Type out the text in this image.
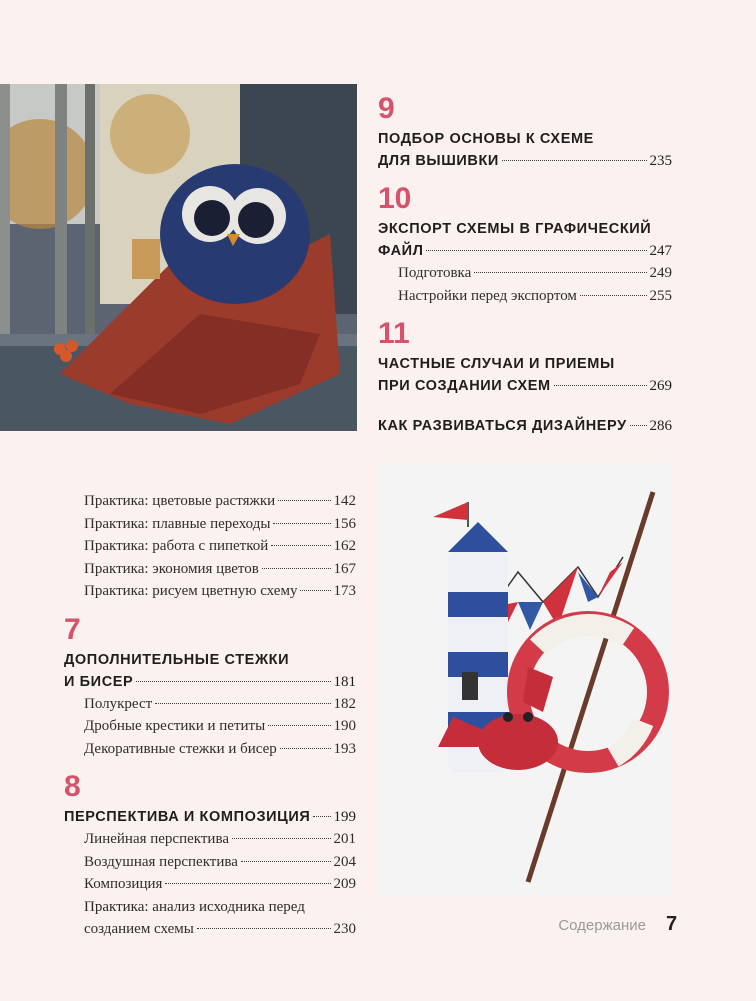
9
ПОДБОР ОСНОВЫ К СХЕМЕ
ДЛЯ ВЫШИВКИ	235
10
ЭКСПОРТ СХЕМЫ В ГРАФИЧЕСКИЙ
ФАЙЛ	247
Подготовка	249
Настройки перед экспортом	255
11
ЧАСТНЫЕ СЛУЧАИ И ПРИЕМЫ
ПРИ СОЗДАНИИ СХЕМ	269
КАК РАЗВИВАТЬСЯ ДИЗАЙНЕРУ 286
Практика: цветовые растяжки	142
Практика: плавные переходы	156
Практика: работа с пипеткой	162
Практика: экономия цветов	167
Практика: рисуем цветную схему 173
7
ДОПОЛНИТЕЛЬНЫЕ СТЕЖКИ
И БИСЕР	181
Полукрест	182
Дробные крестики и петиты	190
Декоративные стежки и бисер	193
8
ПЕРСПЕКТИВА И КОМПОЗИЦИЯ 199
Линейная перспектива	201
Воздушная перспектива	204
Композиция	209
Практика: анализ исходника перед
созданием схемы	230	Содержание 7
